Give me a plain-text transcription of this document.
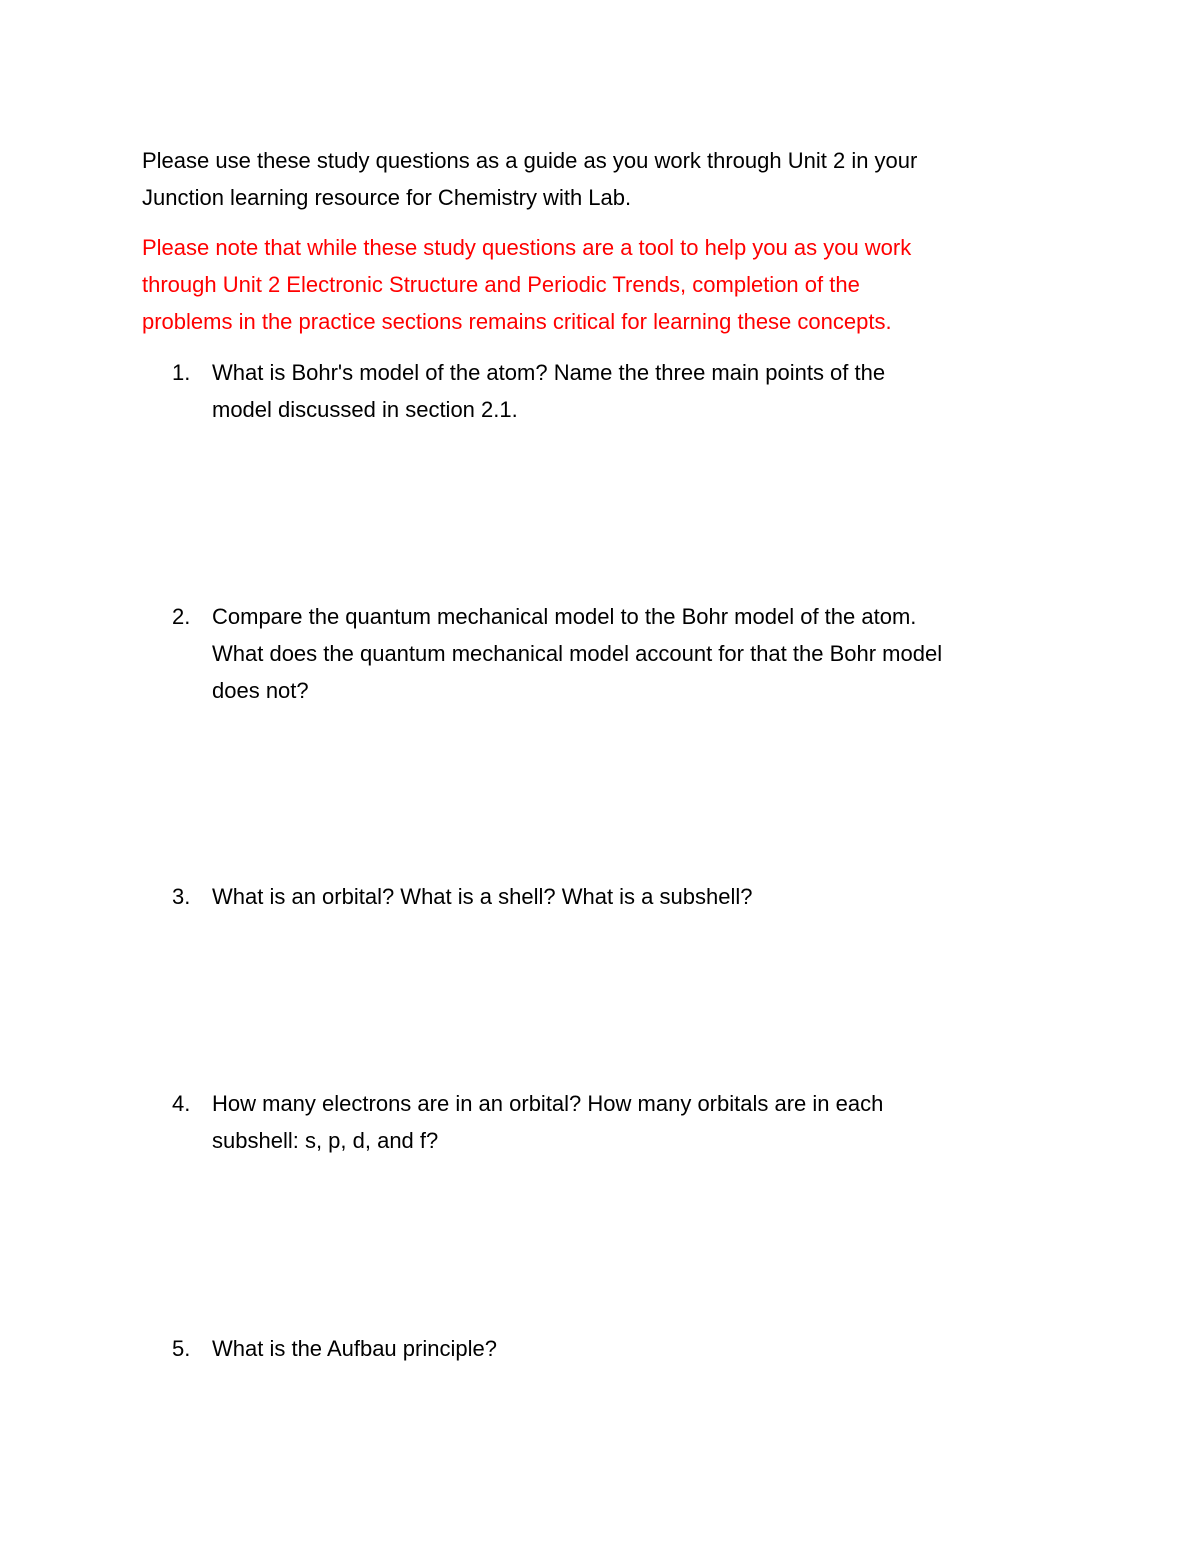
Please use these study questions as a guide as you work through Unit 2 in your
Junction learning resource for Chemistry with Lab.
Please note that while these study questions are a tool to help you as you work
through Unit 2 Electronic Structure and Periodic Trends, completion of the
problems in the practice sections remains critical for learning these concepts.
1. What is Bohr's model of the atom? Name the three main points of the
model discussed in section 2.1.
2. Compare the quantum mechanical model to the Bohr model of the atom.
What does the quantum mechanical model account for that the Bohr model
does not?
3. What is an orbital? What is a shell? What is a subshell?
4. How many electrons are in an orbital? How many orbitals are in each
subshell: s, p, d, and f?
5. What is the Aufbau principle?
